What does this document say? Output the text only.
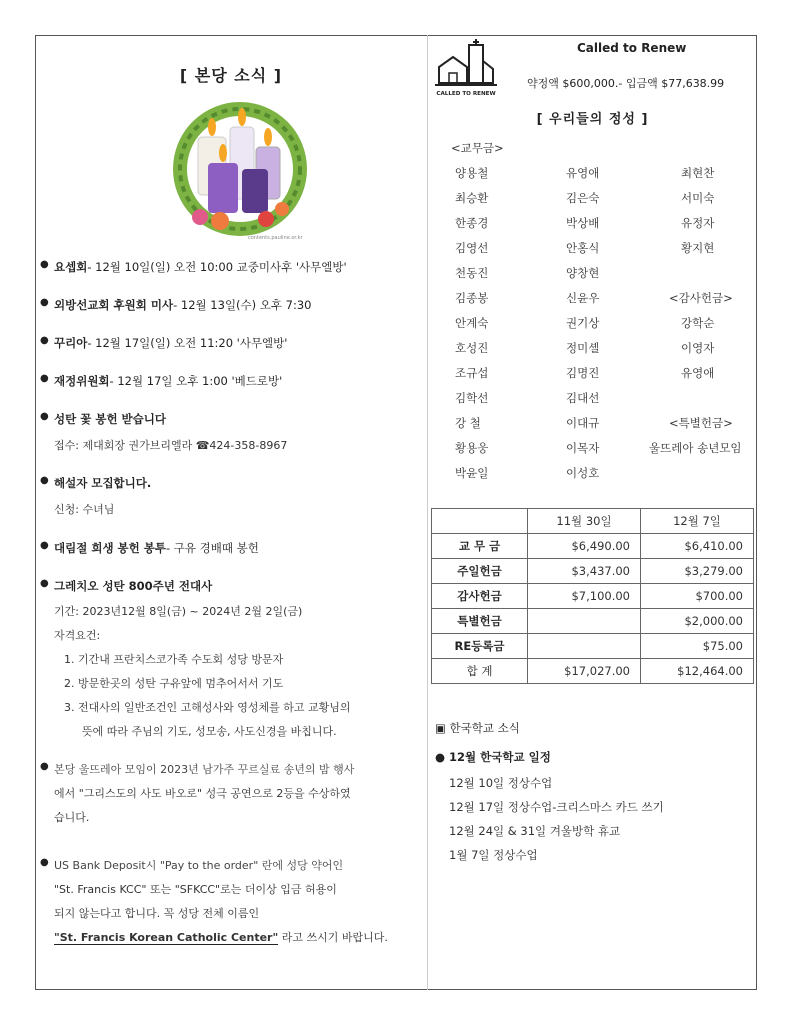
[ 본당 소식 ]
contents.pauline.or.kr
● 요셉회- 12월 10일(일) 오전 10:00 교중미사후 '사무엘방'
● 외방선교회 후원회 미사- 12월 13일(수) 오후 7:30
● 꾸리아- 12월 17일(일) 오전 11:20 '사무엘방'
● 재정위원회- 12월 17일 오후 1:00 '베드로방'
● 성탄 꽃 봉헌 받습니다
접수: 제대회장 권가브리엘라 ☎424-358-8967
● 해설자 모집합니다.
신청: 수녀님
● 대림절 희생 봉헌 봉투- 구유 경배때 봉헌
● 그레치오 성탄 800주년 전대사
기간: 2023년12월 8일(금) ~ 2024년 2월 2일(금)
자격요건:
1. 기간내 프란치스코가족 수도회 성당 방문자
2. 방문한곳의 성탄 구유앞에 멈추어서서 기도
3. 전대사의 일반조건인 고해성사와 영성체를 하고 교황님의
뜻에 따라 주님의 기도, 성모송, 사도신경을 바칩니다.
● 본당 울뜨레아 모임이 2023년 남가주 꾸르실료 송년의 밤 행사
에서 "그리스도의 사도 바오로" 성극 공연으로 2등을 수상하였
습니다.
● US Bank Deposit시 "Pay to the order" 란에 성당 약어인
"St. Francis KCC" 또는 "SFKCC"로는 더이상 입금 허용이
되지 않는다고 합니다. 꼭 성당 전체 이름인
"St. Francis Korean Catholic Center" 라고 쓰시기 바랍니다.
CALLED TO RENEW
Called to Renew
약정액 $600,000.- 입금액 $77,638.99
[ 우리들의 정성 ]
<교무금>
양용철	유영애	최현찬
최승환	김은숙	서미숙
한종경	박상배	유정자
김영선	안홍식	황지현
천동진	양창현
김종봉	신윤우	<감사헌금>
안계숙	권기상	강학순
호성진	정미셸	이영자
조규섭	김명진	유영애
김학선	김대선
강 철	이대규	<특별헌금>
황용웅	이목자	울뜨레아 송년모임
박윤일	이성호
	11월 30일	12월 7일
교 무 금	$6,490.00	$6,410.00
주일헌금	$3,437.00	$3,279.00
감사헌금	$7,100.00	$700.00
특별헌금		$2,000.00
RE등록금		$75.00
합 계	$17,027.00	$12,464.00
▣ 한국학교 소식
● 12월 한국학교 일정
12월 10일 정상수업
12월 17일 정상수업-크리스마스 카드 쓰기
12월 24일 & 31일 겨울방학 휴교
1월 7일 정상수업
